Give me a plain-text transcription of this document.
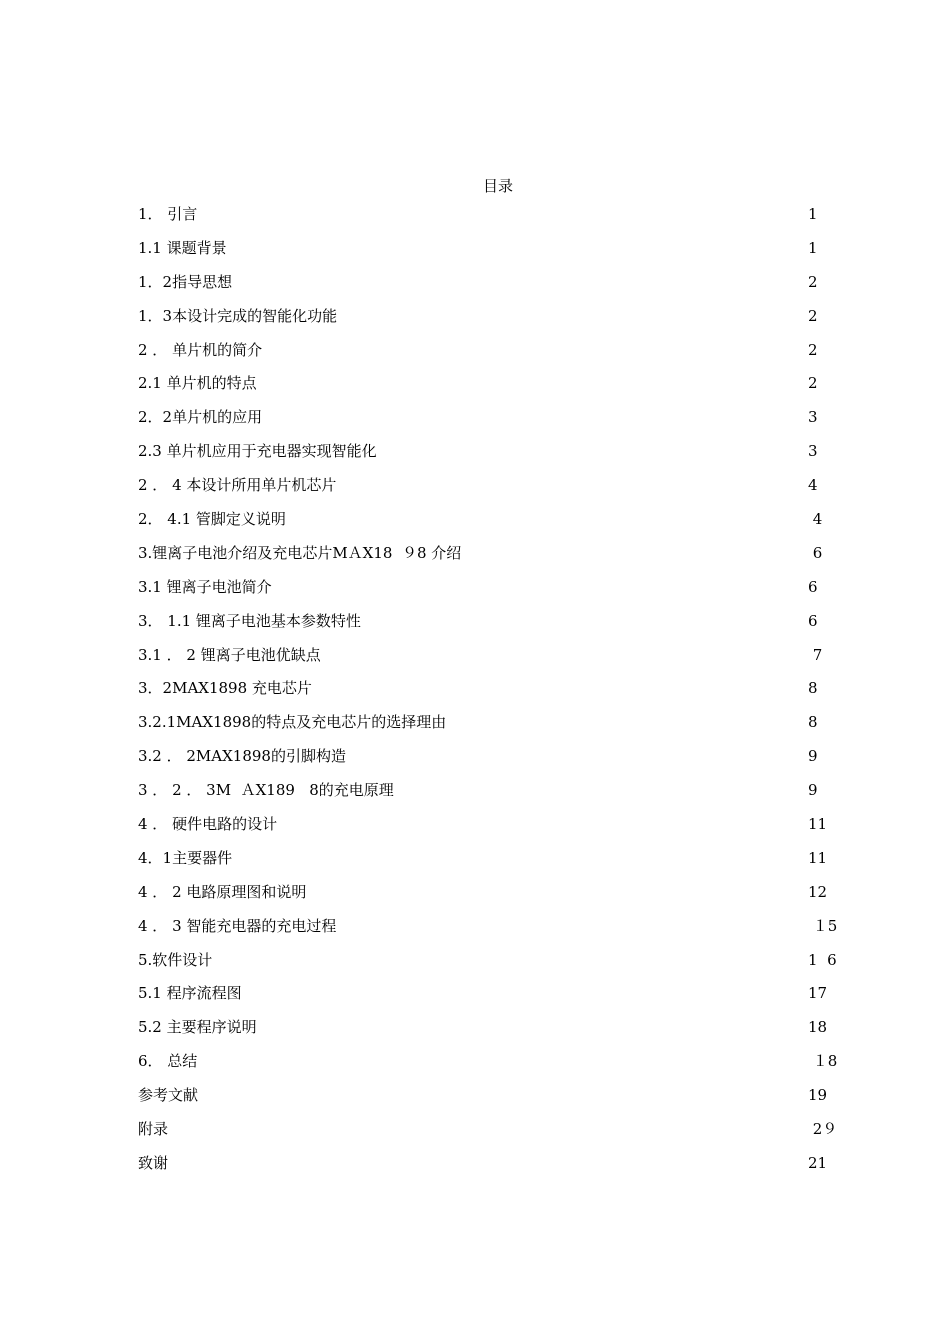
目录
1． 引言	1
1.1 课题背景	1
1．2指导思想	2
1．3本设计完成的智能化功能	2
2 ． 单片机的简介	2
2.1 单片机的特点	2
2．2单片机的应用	3
2.3 单片机应用于充电器实现智能化	3
2 ． 4 本设计所用单片机芯片	4
2． 4.1 管脚定义说明	4
3.锂离子电池介绍及充电芯片MＡX18  ９8 介绍	6
3.1 锂离子电池简介	6
3． 1.1 锂离子电池基本参数特性	6
3.1 ． 2 锂离子电池优缺点	7
3．2MAX1898 充电芯片	8
3.2.1MAX1898的特点及充电芯片的选择理由	8
3.2 ． 2MAX1898的引脚构造	9
3 ． 2 ． 3M  ＡX189   8的充电原理	9
4 ． 硬件电路的设计	11
4．1主要器件	11
4 ． 2 电路原理图和说明	12
4 ． 3 智能充电器的充电过程	１5
5.软件设计	1  6
5.1 程序流程图	17
5.2 主要程序说明	18
6． 总结	１8
参考文献	19
附录	2９
致谢	21
